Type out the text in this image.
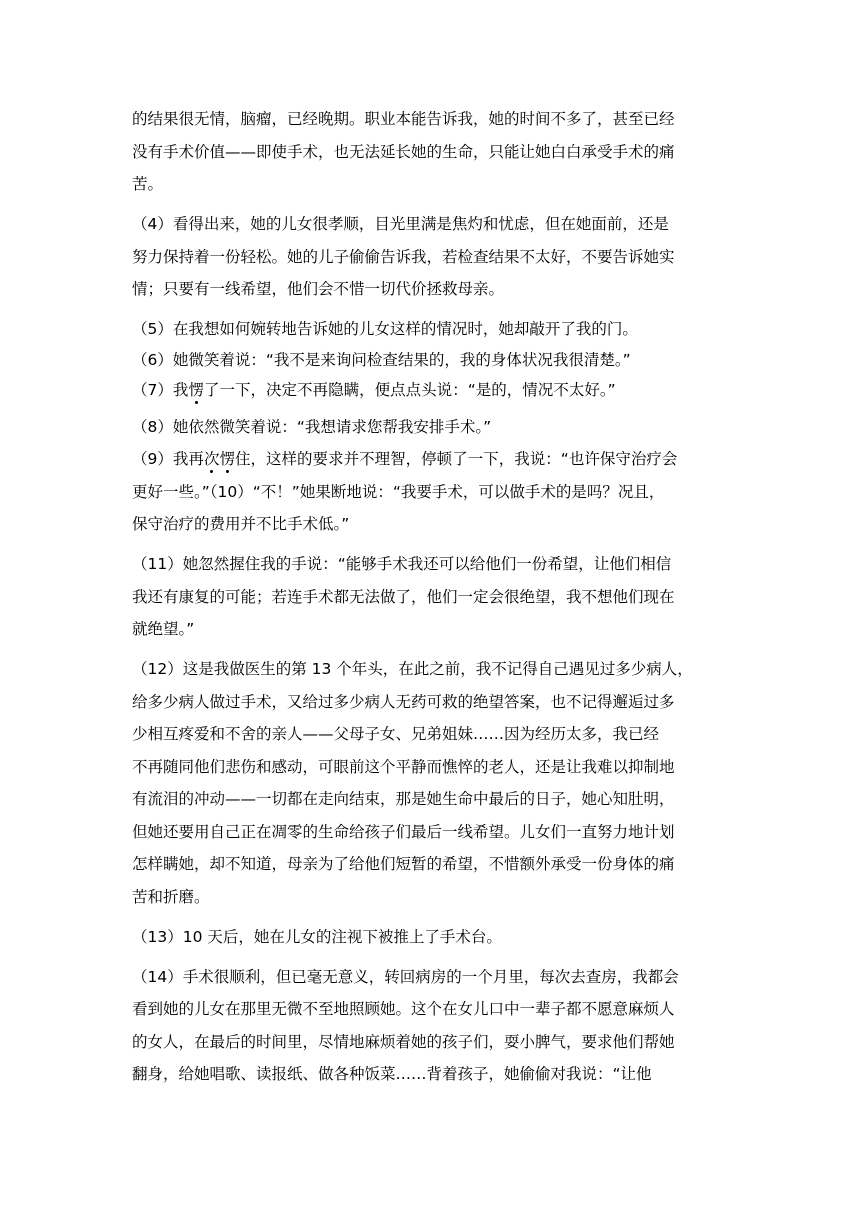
的结果很无情，脑瘤，已经晚期。职业本能告诉我，她的时间不多了，甚至已经
没有手术价值——即使手术，也无法延长她的生命，只能让她白白承受手术的痛
苦。
（4）看得出来，她的儿女很孝顺，目光里满是焦灼和忧虑，但在她面前，还是
努力保持着一份轻松。她的儿子偷偷告诉我，若检查结果不太好，不要告诉她实
情；只要有一线希望，他们会不惜一切代价拯救母亲。
（5）在我想如何婉转地告诉她的儿女这样的情况时，她却敲开了我的门。
（6）她微笑着说：“我不是来询问检查结果的，我的身体状况我很清楚。”
（7）我愣了一下，决定不再隐瞒，便点点头说：“是的，情况不太好。”
（8）她依然微笑着说：“我想请求您帮我安排手术。”
（9）我再次愣住，这样的要求并不理智，停顿了一下，我说：“也许保守治疗会
更好一些。”（10）“不！”她果断地说：“我要手术，可以做手术的是吗？况且，
保守治疗的费用并不比手术低。”
（11）她忽然握住我的手说：“能够手术我还可以给他们一份希望，让他们相信
我还有康复的可能；若连手术都无法做了，他们一定会很绝望，我不想他们现在
就绝望。”
（12）这是我做医生的第 13 个年头，在此之前，我不记得自己遇见过多少病人，
给多少病人做过手术，又给过多少病人无药可救的绝望答案，也不记得邂逅过多
少相互疼爱和不舍的亲人——父母子女、兄弟姐妹……因为经历太多，我已经
不再随同他们悲伤和感动，可眼前这个平静而憔悴的老人，还是让我难以抑制地
有流泪的冲动——一切都在走向结束，那是她生命中最后的日子，她心知肚明，
但她还要用自己正在凋零的生命给孩子们最后一线希望。儿女们一直努力地计划
怎样瞒她，却不知道，母亲为了给他们短暂的希望，不惜额外承受一份身体的痛
苦和折磨。
（13）10 天后，她在儿女的注视下被推上了手术台。
（14）手术很顺利，但已毫无意义，转回病房的一个月里，每次去查房，我都会
看到她的儿女在那里无微不至地照顾她。这个在女儿口中一辈子都不愿意麻烦人
的女人，在最后的时间里，尽情地麻烦着她的孩子们，耍小脾气，要求他们帮她
翻身，给她唱歌、读报纸、做各种饭菜……背着孩子，她偷偷对我说：“让他
